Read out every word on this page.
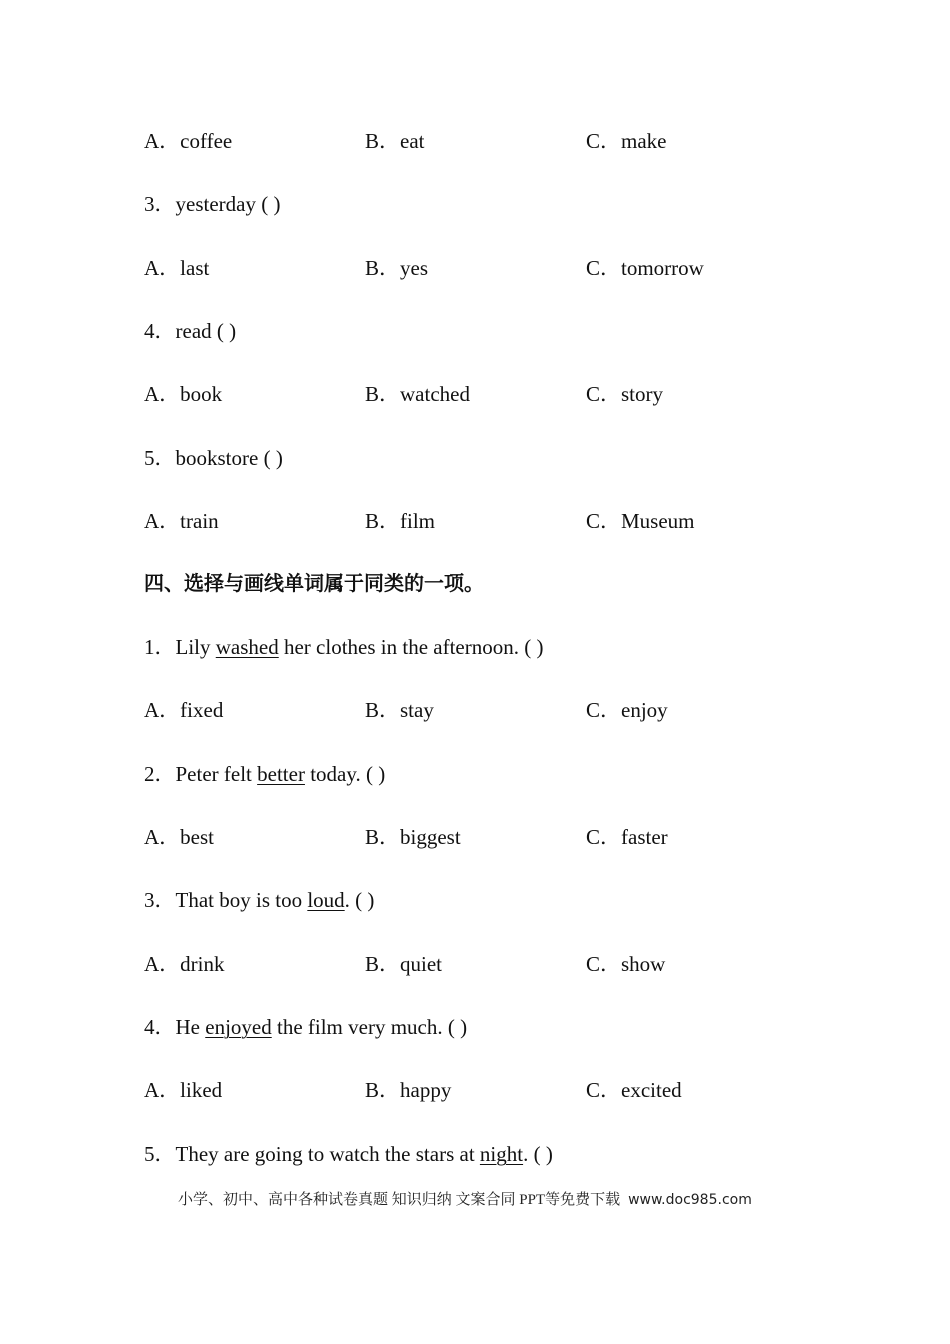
A．coffee	B．eat	C．make
3．yesterday ( )
A．last	B．yes	C．tomorrow
4．read ( )
A．book	B．watched	C．story
5．bookstore ( )
A．train	B．film	C．Museum
四、选择与画线单词属于同类的一项。
1．Lily washed her clothes in the afternoon. ( )
A．fixed	B．stay	C．enjoy
2．Peter felt better today. ( )
A．best	B．biggest	C．faster
3．That boy is too loud. ( )
A．drink	B．quiet	C．show
4．He enjoyed the film very much. ( )
A．liked	B．happy	C．excited
5．They are going to watch the stars at night. ( )
小学、初中、高中各种试卷真题 知识归纳 文案合同 PPT等免费下载 www.doc985.com
